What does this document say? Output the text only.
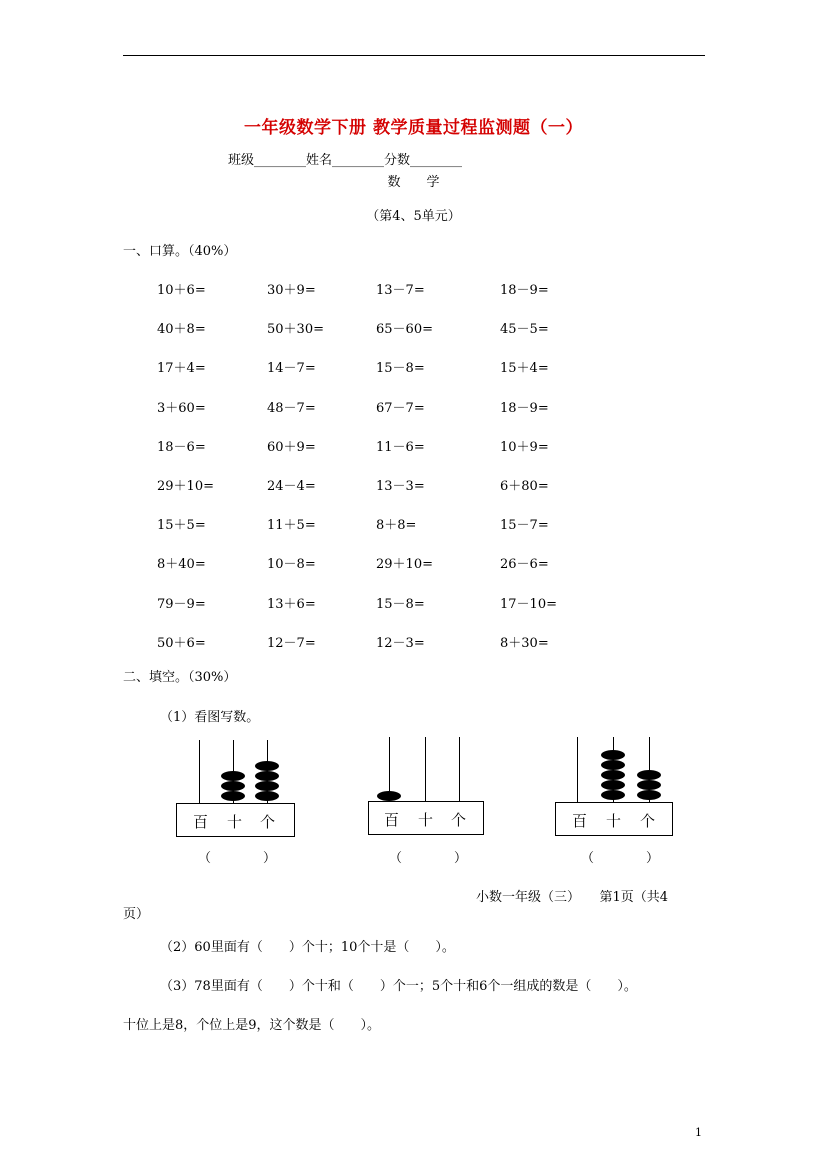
一年级数学下册 教学质量过程监测题（一）
班级________姓名________分数________
数　　学
（第4、5单元）
一、口算。（40%）
10＋6=	30＋9=	13－7=	18－9=
40＋8=	50＋30=	65－60=	45－5=
17＋4=	14－7=	15－8=	15＋4=
3＋60=	48－7=	67－7=	18－9=
18－6=	60＋9=	11－6=	10＋9=
29＋10=	24－4=	13－3=	6＋80=
15＋5=	11＋5=	8＋8=	15－7=
8＋40=	10－8=	29＋10=	26－6=
79－9=	13＋6=	15－8=	17－10=
50＋6=	12－7=	12－3=	8＋30=
二、填空。（30%）
（1）看图写数。
百 十 个
（　　　　）
百 十 个
（　　　　）
百 十 个
（　　　　）
小数一年级（三）　　第1页（共4
页）
（2）60里面有（　　）个十；10个十是（　　）。
（3）78里面有（　　）个十和（　　）个一；5个十和6个一组成的数是（　　）。
十位上是8，个位上是9，这个数是（　　）。
1
